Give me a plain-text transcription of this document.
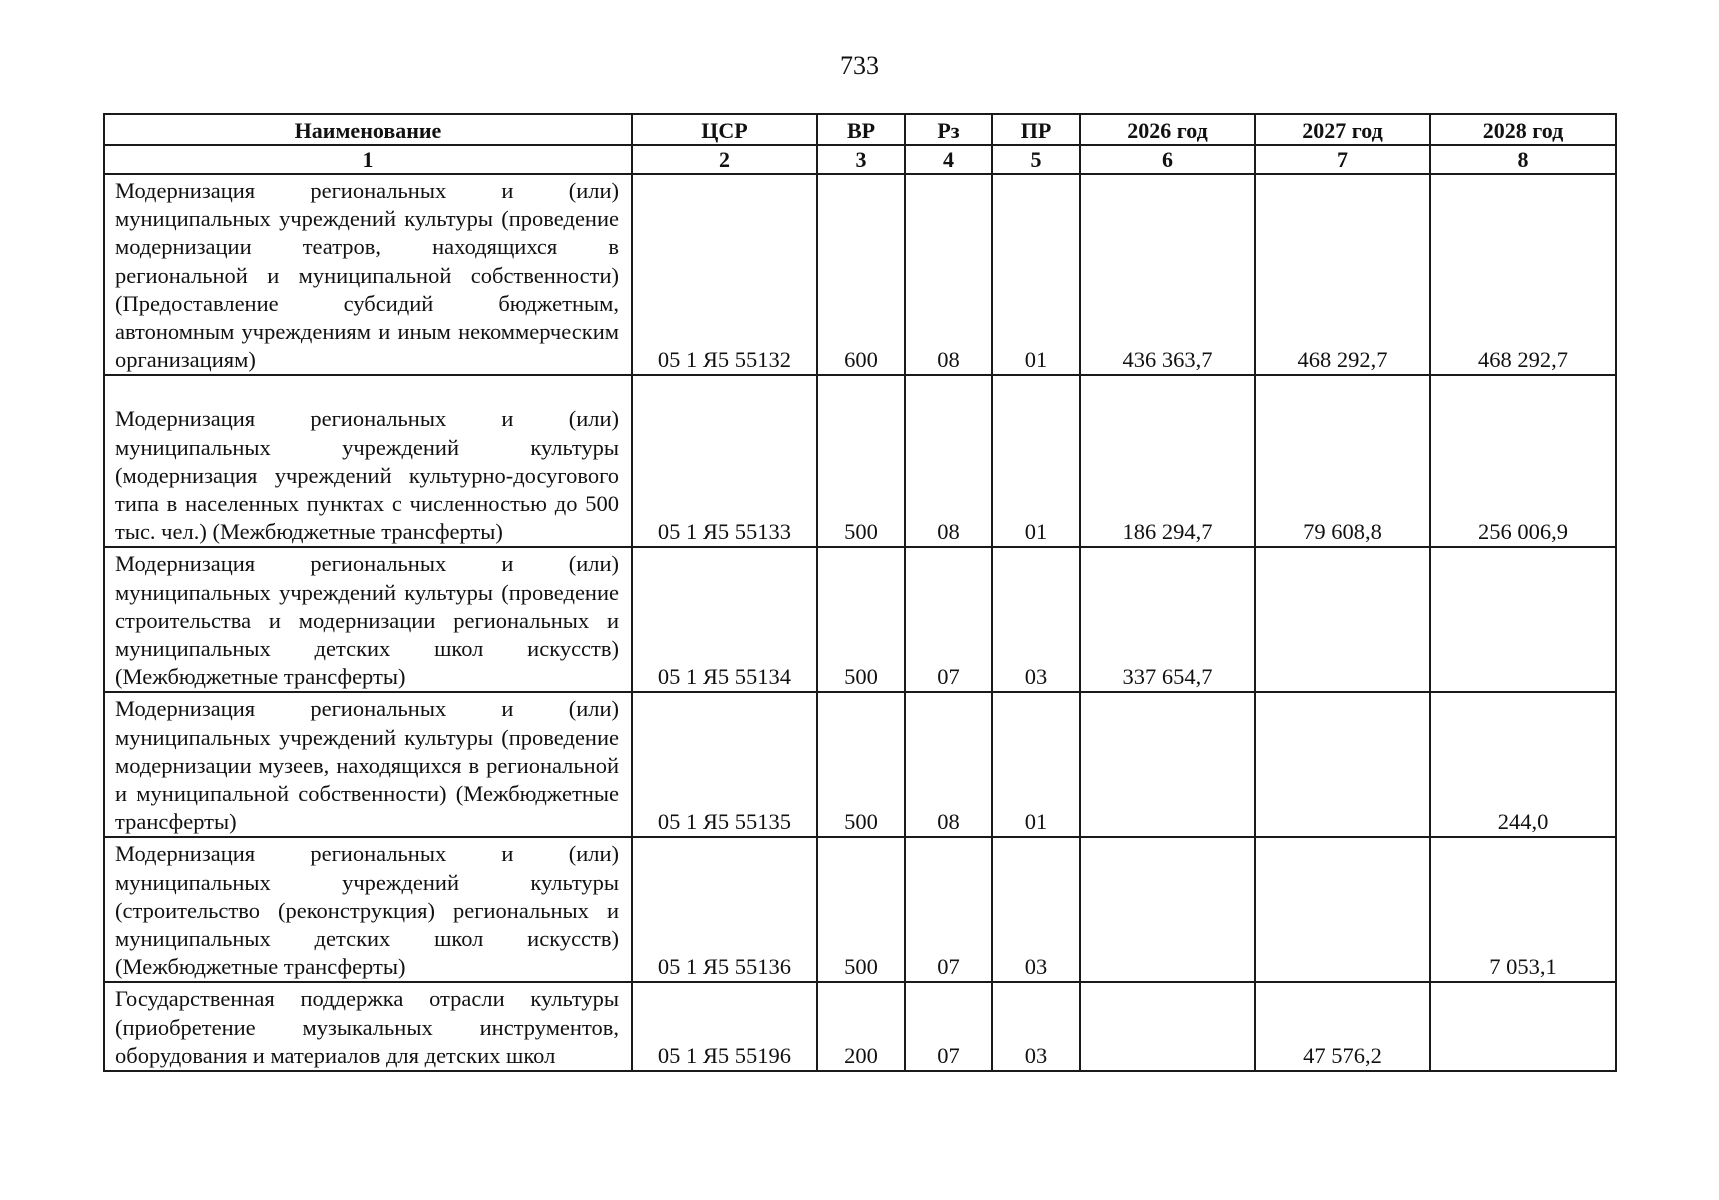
733
Наименование	ЦСР	ВР	Рз	ПР	2026 год	2027 год	2028 год
1	2	3	4	5	6	7	8
Модернизация региональных и (или) муниципальных учреждений культуры (проведение модернизации театров, находящихся в региональной и муниципальной собственности) (Предоставление субсидий бюджетным, автономным учреждениям и иным некоммерческим организациям)	05 1 Я5 55132	600	08	01	436 363,7	468 292,7	468 292,7
Модернизация региональных и (или) муниципальных учреждений культуры (модернизация учреждений культурно-досугового типа в населенных пунктах с численностью до 500 тыс. чел.) (Межбюджетные трансферты)	05 1 Я5 55133	500	08	01	186 294,7	79 608,8	256 006,9
Модернизация региональных и (или) муниципальных учреждений культуры (проведение строительства и модернизации региональных и муниципальных детских школ искусств) (Межбюджетные трансферты)	05 1 Я5 55134	500	07	03	337 654,7		
Модернизация региональных и (или) муниципальных учреждений культуры (проведение модернизации музеев, находящихся в региональной и муниципальной собственности) (Межбюджетные трансферты)	05 1 Я5 55135	500	08	01			244,0
Модернизация региональных и (или) муниципальных учреждений культуры (строительство (реконструкция) региональных и муниципальных детских школ искусств) (Межбюджетные трансферты)	05 1 Я5 55136	500	07	03			7 053,1
Государственная поддержка отрасли культуры (приобретение музыкальных инструментов, оборудования и материалов для детских школ	05 1 Я5 55196	200	07	03		47 576,2	
